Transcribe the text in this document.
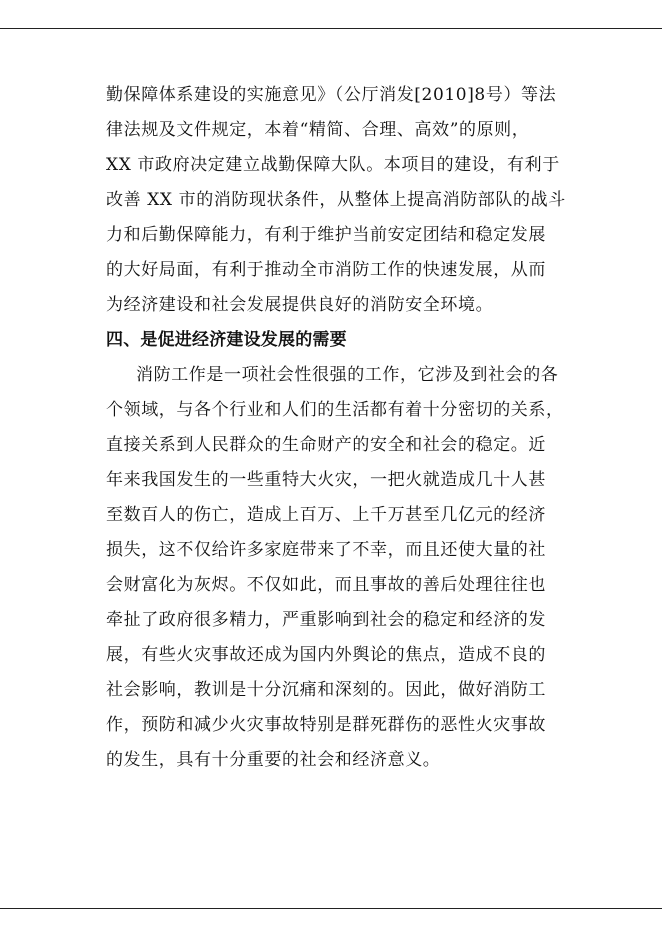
勤保障体系建设的实施意见》（公厅消发[2010]8号）等法
律法规及文件规定，本着“精简、合理、高效”的原则，
XX 市政府决定建立战勤保障大队。本项目的建设，有利于
改善 XX 市的消防现状条件，从整体上提高消防部队的战斗
力和后勤保障能力，有利于维护当前安定团结和稳定发展
的大好局面，有利于推动全市消防工作的快速发展，从而
为经济建设和社会发展提供良好的消防安全环境。
四、是促进经济建设发展的需要
消防工作是一项社会性很强的工作，它涉及到社会的各
个领域，与各个行业和人们的生活都有着十分密切的关系，
直接关系到人民群众的生命财产的安全和社会的稳定。近
年来我国发生的一些重特大火灾，一把火就造成几十人甚
至数百人的伤亡，造成上百万、上千万甚至几亿元的经济
损失，这不仅给许多家庭带来了不幸，而且还使大量的社
会财富化为灰烬。不仅如此，而且事故的善后处理往往也
牵扯了政府很多精力，严重影响到社会的稳定和经济的发
展，有些火灾事故还成为国内外舆论的焦点，造成不良的
社会影响，教训是十分沉痛和深刻的。因此，做好消防工
作，预防和减少火灾事故特别是群死群伤的恶性火灾事故
的发生，具有十分重要的社会和经济意义。
